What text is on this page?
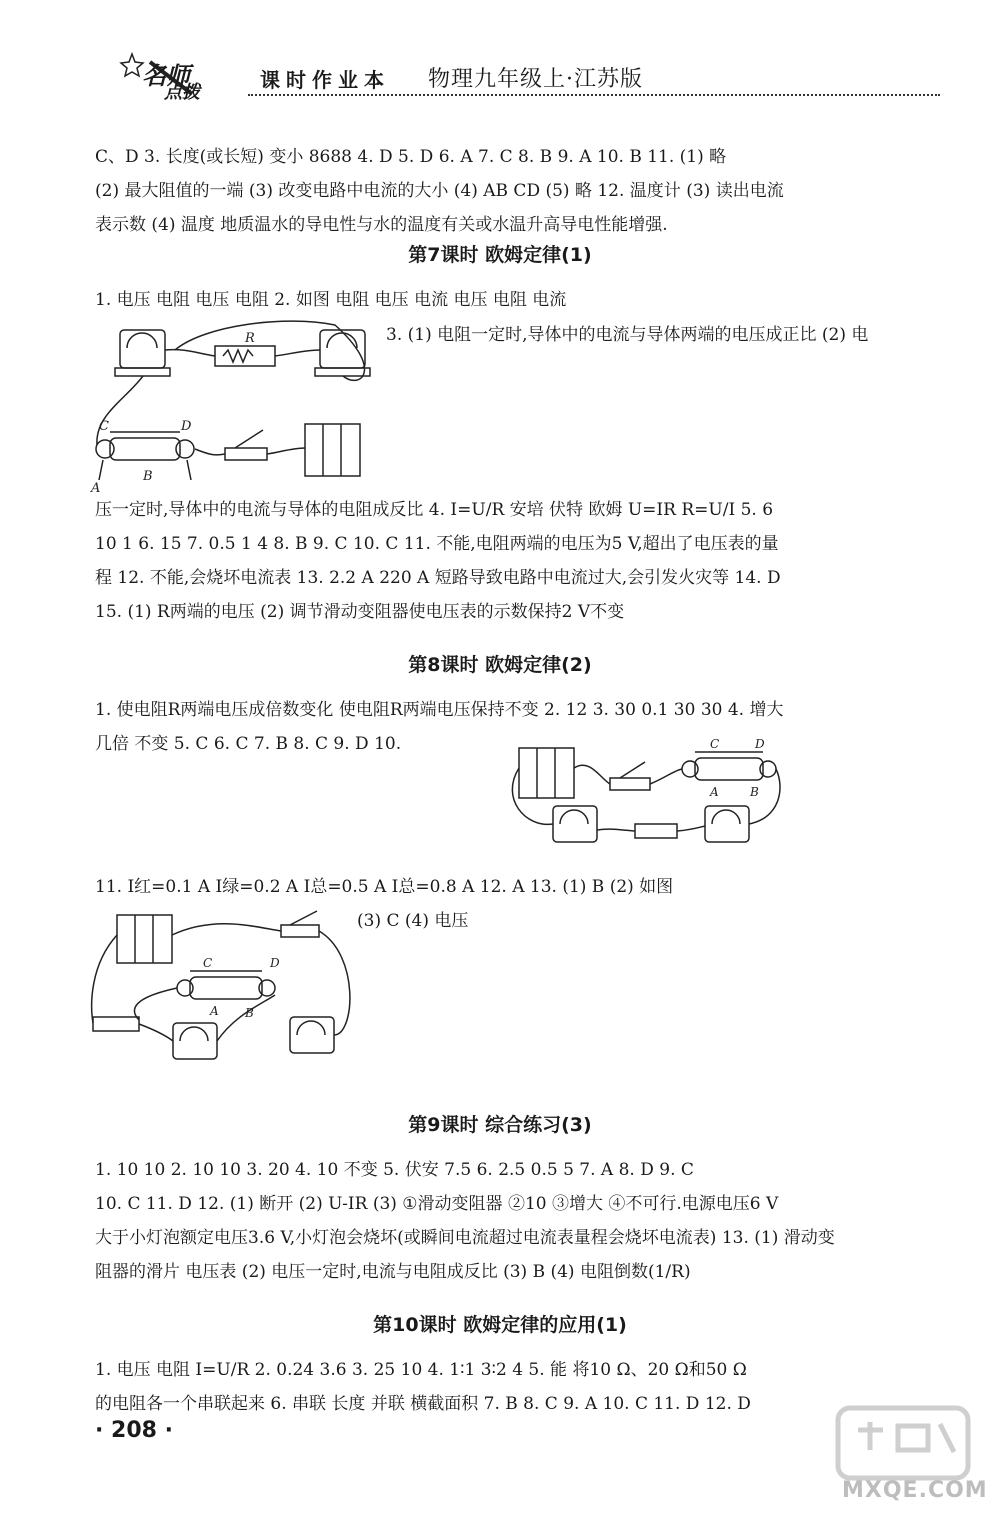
名师
点拨
课时作业本 物理九年级上·江苏版
C、D 3. 长度(或长短) 变小 8688 4. D 5. D 6. A 7. C 8. B 9. A 10. B 11. (1) 略
(2) 最大阻值的一端 (3) 改变电路中电流的大小 (4) AB CD (5) 略 12. 温度计 (3) 读出电流
表示数 (4) 温度 地质温水的导电性与水的温度有关或水温升高导电性能增强.
第7课时 欧姆定律(1)
1. 电压 电阻 电压 电阻 2. 如图 电阻 电压 电流 电压 电阻 电流
3. (1) 电阻一定时,导体中的电流与导体两端的电压成正比 (2) 电
R
C	D
A
B
压一定时,导体中的电流与导体的电阻成反比 4. I=U/R 安培 伏特 欧姆 U=IR R=U/I 5. 6
10 1 6. 15 7. 0.5 1 4 8. B 9. C 10. C 11. 不能,电阻两端的电压为5 V,超出了电压表的量
程 12. 不能,会烧坏电流表 13. 2.2 A 220 A 短路导致电路中电流过大,会引发火灾等 14. D
15. (1) R两端的电压 (2) 调节滑动变阻器使电压表的示数保持2 V不变
第8课时 欧姆定律(2)
1. 使电阻R两端电压成倍数变化 使电阻R两端电压保持不变 2. 12 3. 30 0.1 30 30 4. 增大
几倍 不变 5. C 6. C 7. B 8. C 9. D 10.	C	D
A	B
11. I红=0.1 A I绿=0.2 A I总=0.5 A I总=0.8 A 12. A 13. (1) B (2) 如图
(3) C (4) 电压
C	D
A B
第9课时 综合练习(3)
1. 10 10 2. 10 10 3. 20 4. 10 不变 5. 伏安 7.5 6. 2.5 0.5 5 7. A 8. D 9. C
10. C 11. D 12. (1) 断开 (2) U-IR (3) ①滑动变阻器 ②10 ③增大 ④不可行.电源电压6 V
大于小灯泡额定电压3.6 V,小灯泡会烧坏(或瞬间电流超过电流表量程会烧坏电流表) 13. (1) 滑动变
阻器的滑片 电压表 (2) 电压一定时,电流与电阻成反比 (3) B (4) 电阻倒数(1/R)
第10课时 欧姆定律的应用(1)
1. 电压 电阻 I=U/R 2. 0.24 3.6 3. 25 10 4. 1∶1 3∶2 4 5. 能 将10 Ω、20 Ω和50 Ω
的电阻各一个串联起来 6. 串联 长度 并联 横截面积 7. B 8. C 9. A 10. C 11. D 12. D
· 208 ·
MXQE.COM
